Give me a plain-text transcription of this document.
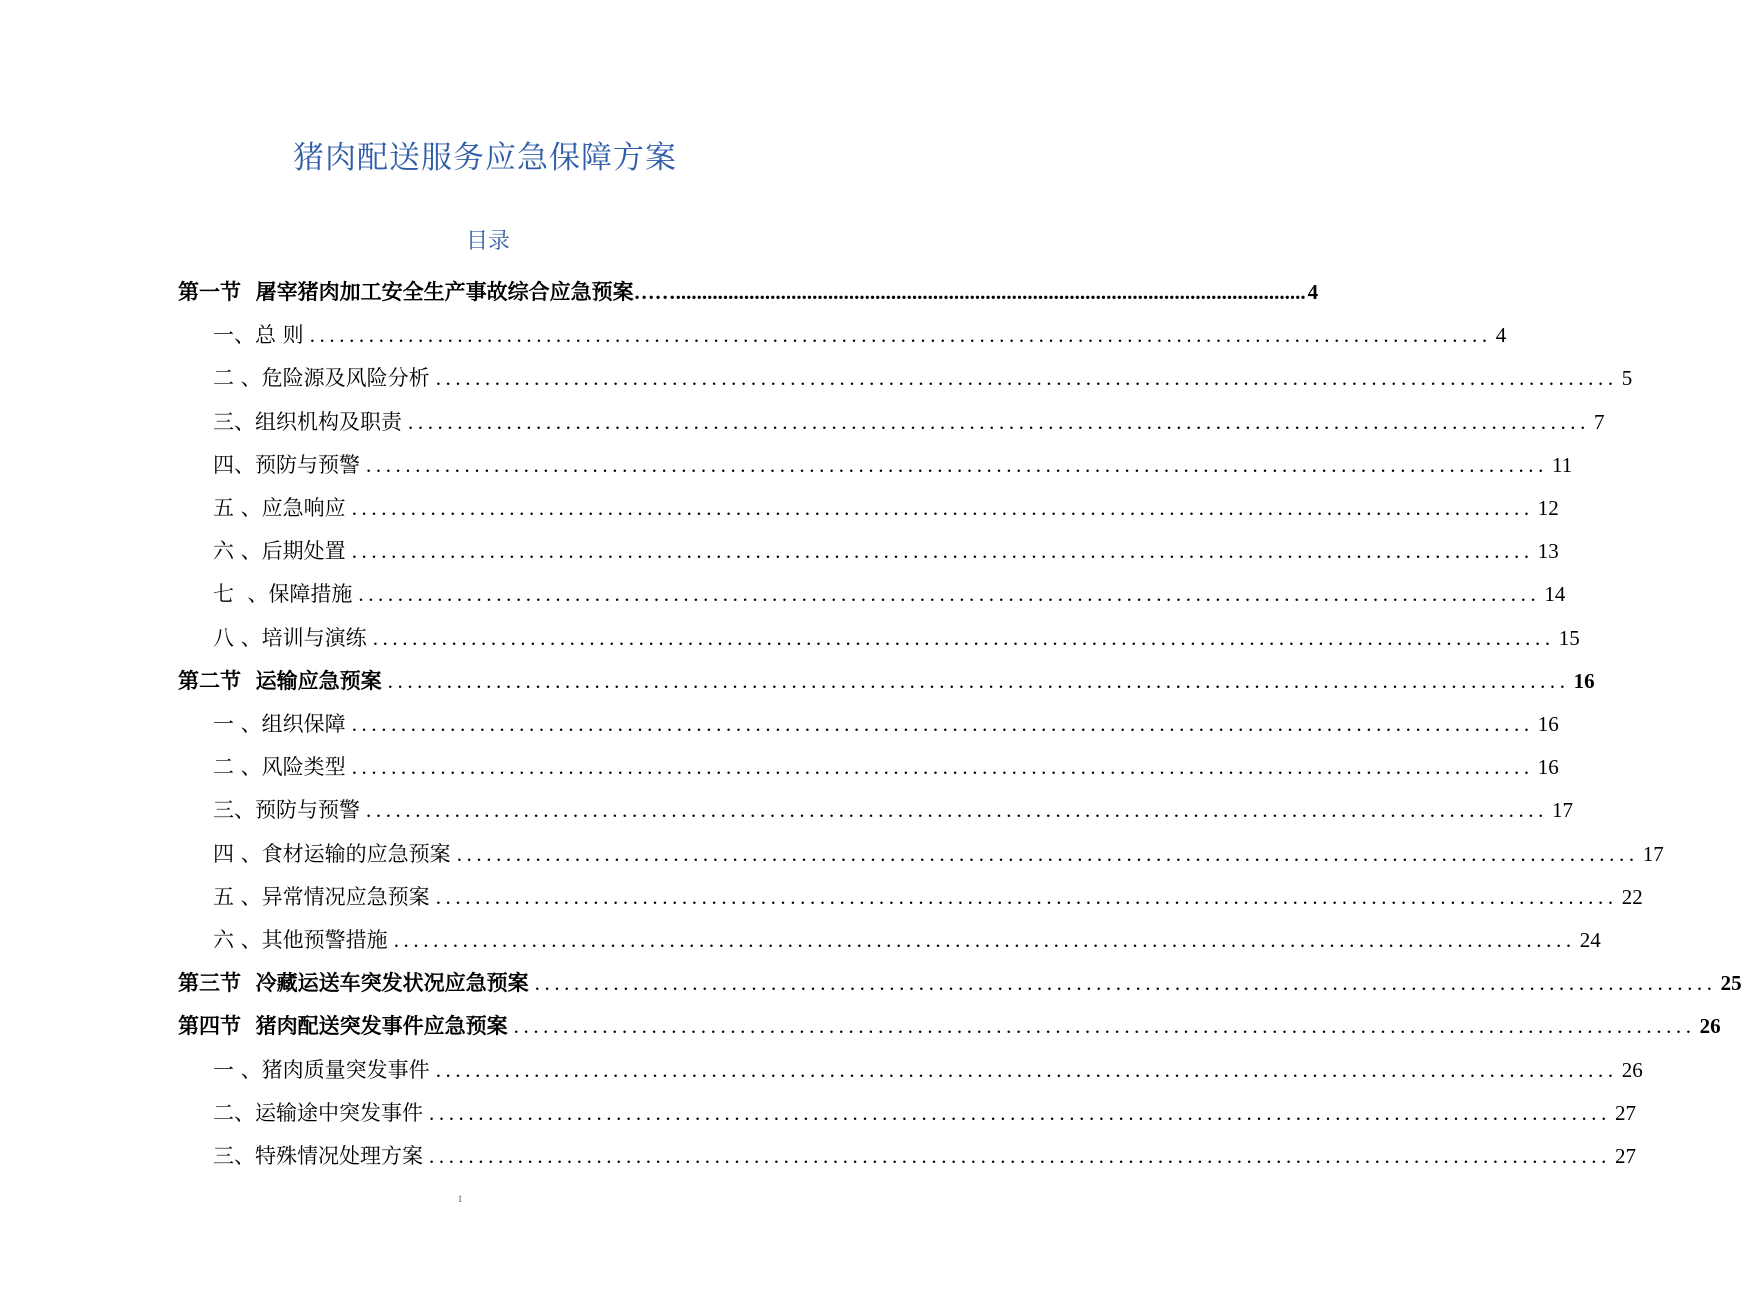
猪肉配送服务应急保障方案
目录
第一节  屠宰猪肉加工安全生产事故综合应急预案 ……........................................................................................................................ 4
一、总 则 ........................................................................................................................ 4
二 、危险源及风险分析 ........................................................................................................................ 5
三、组织机构及职责 ........................................................................................................................ 7
四、预防与预警 ........................................................................................................................ 11
五 、应急响应 ........................................................................................................................ 12
六 、后期处置 ........................................................................................................................ 13
七  、保障措施 ........................................................................................................................ 14
八 、培训与演练 ........................................................................................................................ 15
第二节  运输应急预案 ........................................................................................................................ 16
一 、组织保障 ........................................................................................................................ 16
二 、风险类型 ........................................................................................................................ 16
三、预防与预警 ........................................................................................................................ 17
四 、食材运输的应急预案 ........................................................................................................................ 17
五 、异常情况应急预案 ........................................................................................................................ 22
六 、其他预警措施 ........................................................................................................................ 24
第三节  冷藏运送车突发状况应急预案 ........................................................................................................................ 25
第四节  猪肉配送突发事件应急预案 ........................................................................................................................ 26
一 、猪肉质量突发事件 ........................................................................................................................ 26
二、运输途中突发事件 ........................................................................................................................ 27
三、特殊情况处理方案 ........................................................................................................................ 27
1
